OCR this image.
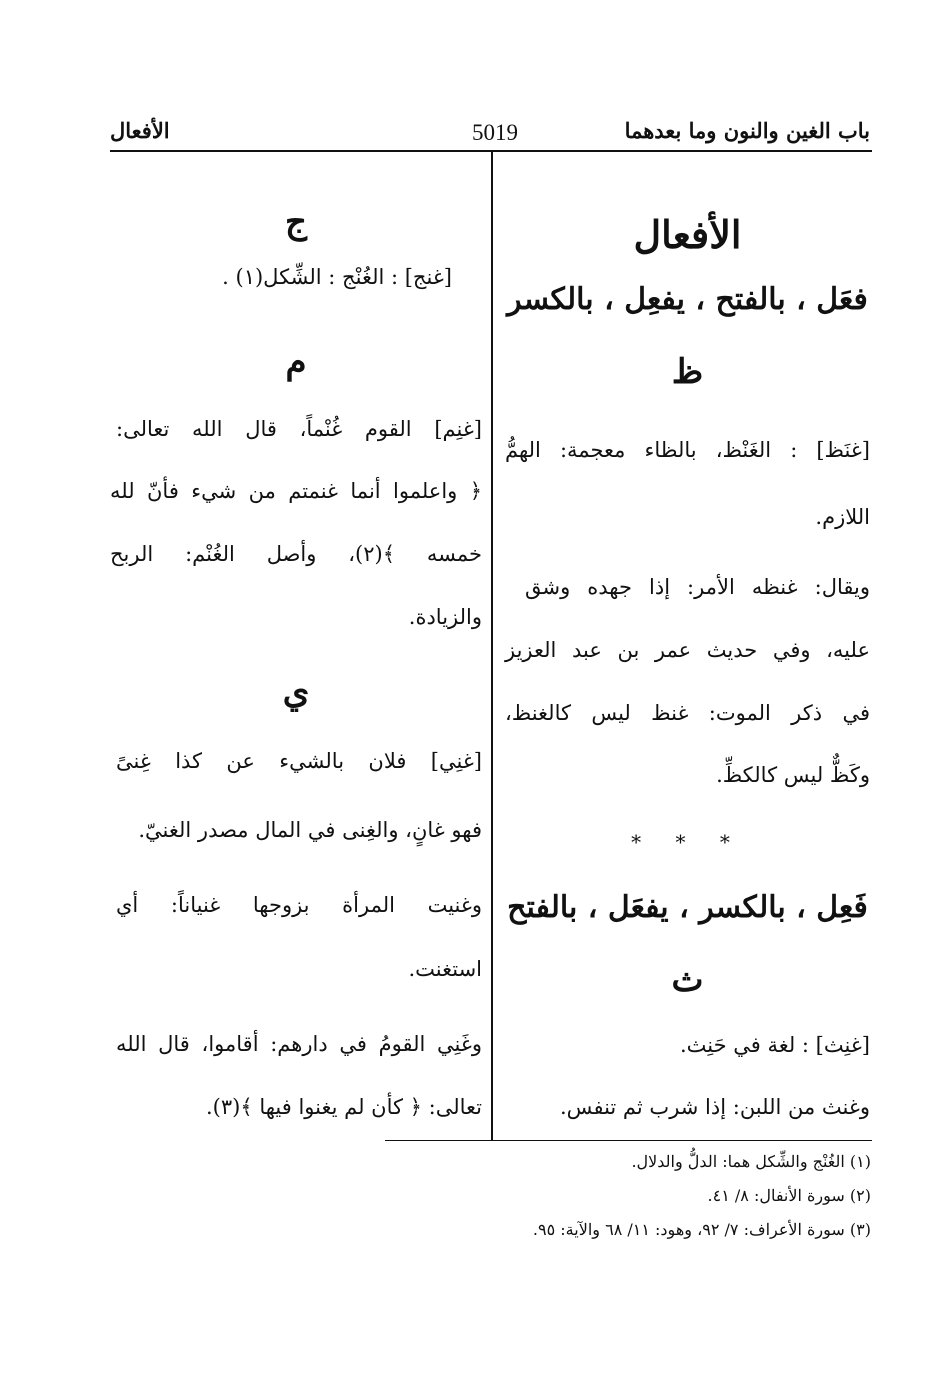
باب الغين والنون وما بعدهما
5019
الأفعال
الأفعال
فعَل ، بالفتح ، يفعِل ، بالكسر
ظ
[غنَظ] : الغَنْظ، بالظاء معجمة: الهمُّ
اللازم.
ويقال: غنظه الأمر: إذا جهده وشق
عليه، وفي حديث عمر بن عبد العزيز
في ذكر الموت: غنظ ليس كالغنظ،
وكَظٌّ ليس كالكظِّ.
* * *
فَعِل ، بالكسر ، يفعَل ، بالفتح
ث
[غنِث] : لغة في حَنِث.
وغنث من اللبن: إذا شرب ثم تنفس.
ج
[غنج] : الغُنْج : الشِّكل(١) .
م
[غنِم] القوم غُنْماً، قال الله تعالى:
﴿ واعلموا أنما غنمتم من شيء فأنّ لله
خمسه ﴾(٢)، وأصل الغُنْم: الربح
والزيادة.
ي
[غنِي] فلان بالشيء عن كذا غِنىً
فهو غانٍ، والغِنى في المال مصدر الغنيّ.
وغنيت المرأة بزوجها غنياناً: أي
استغنت.
وغَنِي القومُ في دارهم: أقاموا، قال الله
تعالى: ﴿ كأن لم يغنوا فيها ﴾(٣).
(١) الغُنْج والشِّكل هما: الدلُّ والدلال.
(٢) سورة الأنفال: ٨/ ٤١.
(٣) سورة الأعراف: ٧/ ٩٢، وهود: ١١/ ٦٨ والآية: ٩٥.
